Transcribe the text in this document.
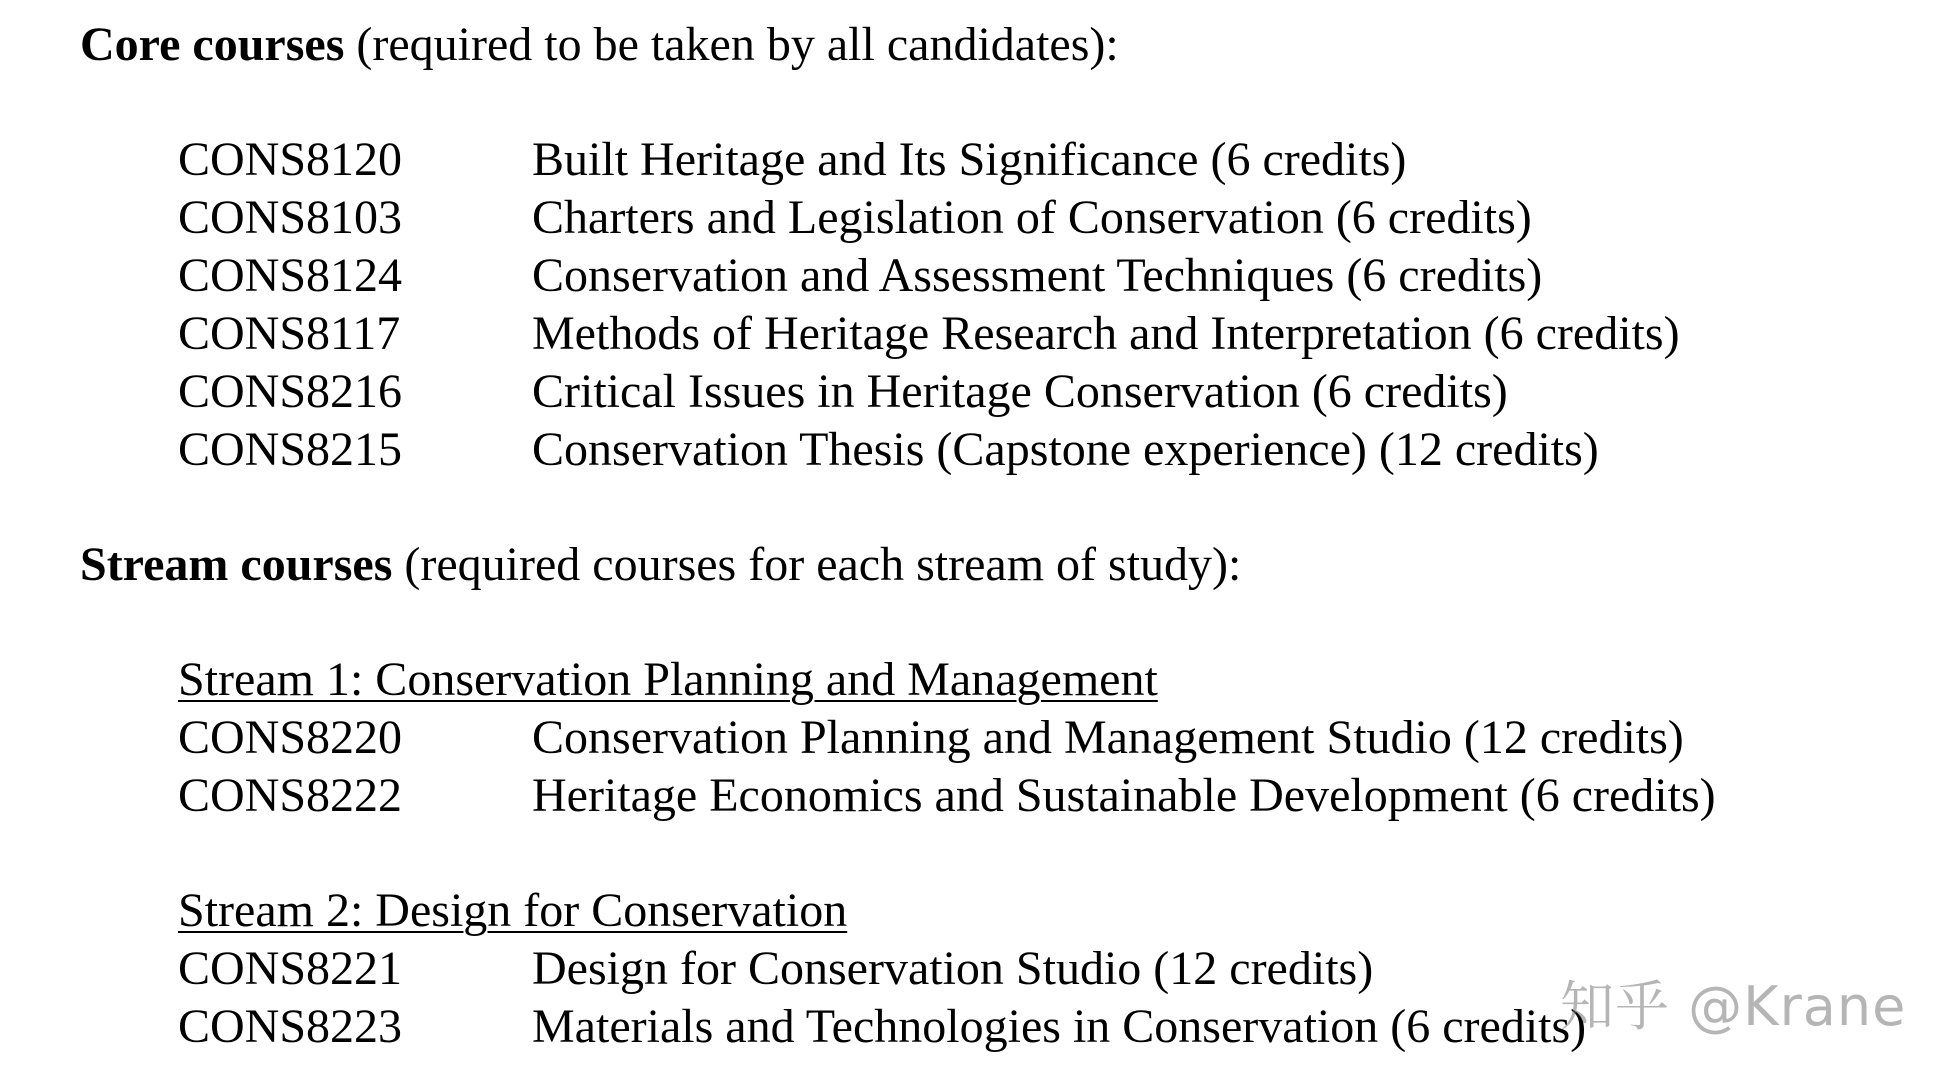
Core courses (required to be taken by all candidates):
CONS8120	Built Heritage and Its Significance (6 credits)
CONS8103	Charters and Legislation of Conservation (6 credits)
CONS8124	Conservation and Assessment Techniques (6 credits)
CONS8117	Methods of Heritage Research and Interpretation (6 credits)
CONS8216	Critical Issues in Heritage Conservation (6 credits)
CONS8215	Conservation Thesis (Capstone experience) (12 credits)
Stream courses (required courses for each stream of study):
Stream 1: Conservation Planning and Management
CONS8220	Conservation Planning and Management Studio (12 credits)
CONS8222	Heritage Economics and Sustainable Development (6 credits)
Stream 2: Design for Conservation
CONS8221	Design for Conservation Studio (12 credits)
CONS8223	Materials and Technologies in Conservation (6 credits)
知乎 @Krane
